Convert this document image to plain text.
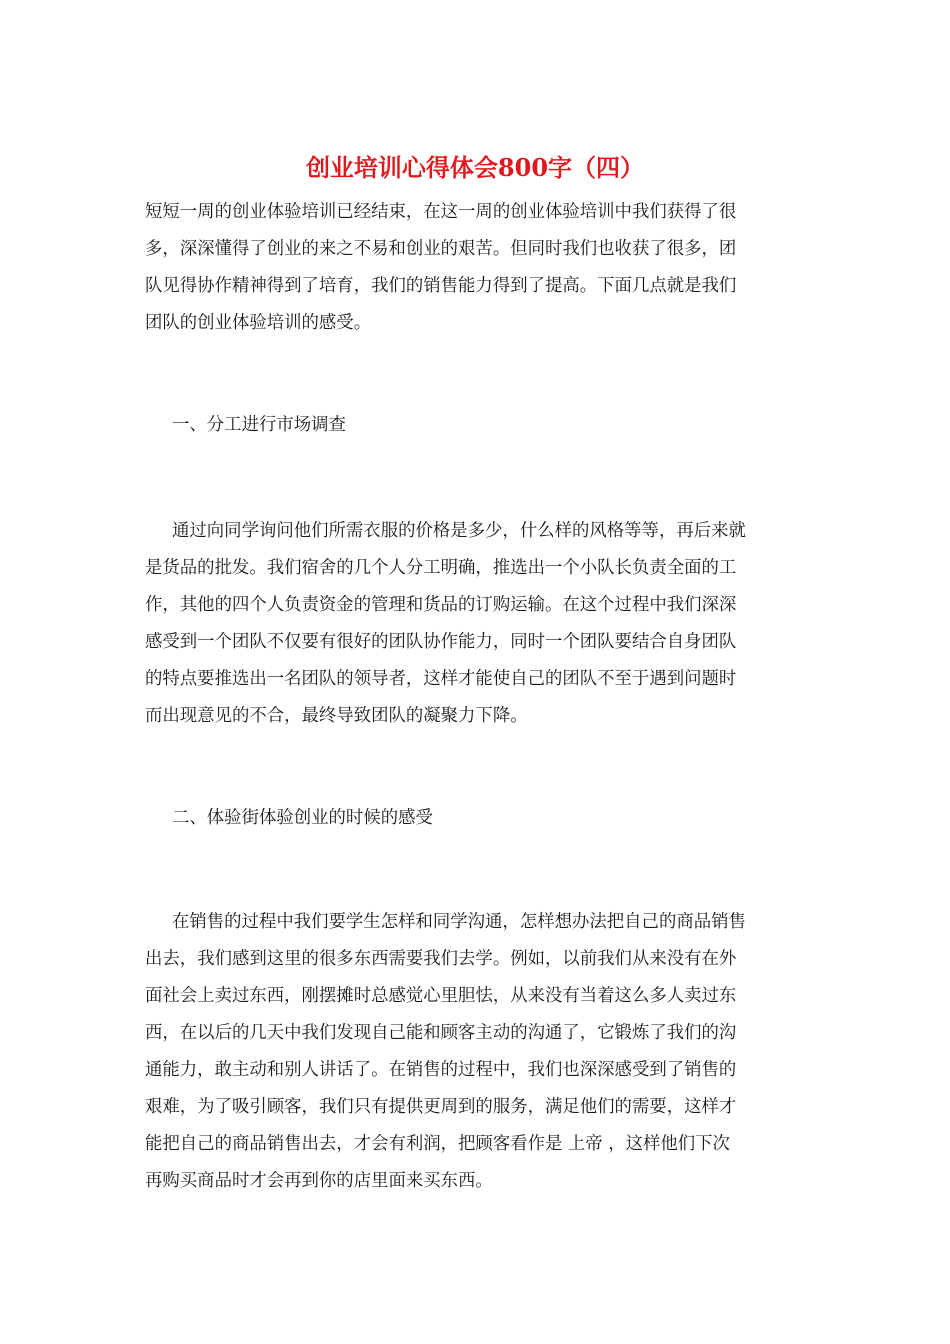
创业培训心得体会800字（四）
短短一周的创业体验培训已经结束，在这一周的创业体验培训中我们获得了很
多，深深懂得了创业的来之不易和创业的艰苦。但同时我们也收获了很多，团
队见得协作精神得到了培育，我们的销售能力得到了提高。下面几点就是我们
团队的创业体验培训的感受。
一、分工进行市场调查
通过向同学询问他们所需衣服的价格是多少，什么样的风格等等，再后来就
是货品的批发。我们宿舍的几个人分工明确，推选出一个小队长负责全面的工
作，其他的四个人负责资金的管理和货品的订购运输。在这个过程中我们深深
感受到一个团队不仅要有很好的团队协作能力，同时一个团队要结合自身团队
的特点要推选出一名团队的领导者，这样才能使自己的团队不至于遇到问题时
而出现意见的不合，最终导致团队的凝聚力下降。
二、体验街体验创业的时候的感受
在销售的过程中我们要学生怎样和同学沟通，怎样想办法把自己的商品销售
出去，我们感到这里的很多东西需要我们去学。例如，以前我们从来没有在外
面社会上卖过东西，刚摆摊时总感觉心里胆怯，从来没有当着这么多人卖过东
西，在以后的几天中我们发现自己能和顾客主动的沟通了，它锻炼了我们的沟
通能力，敢主动和别人讲话了。在销售的过程中，我们也深深感受到了销售的
艰难，为了吸引顾客，我们只有提供更周到的服务，满足他们的需要，这样才
能把自己的商品销售出去，才会有利润，把顾客看作是 上帝 ，这样他们下次
再购买商品时才会再到你的店里面来买东西。
